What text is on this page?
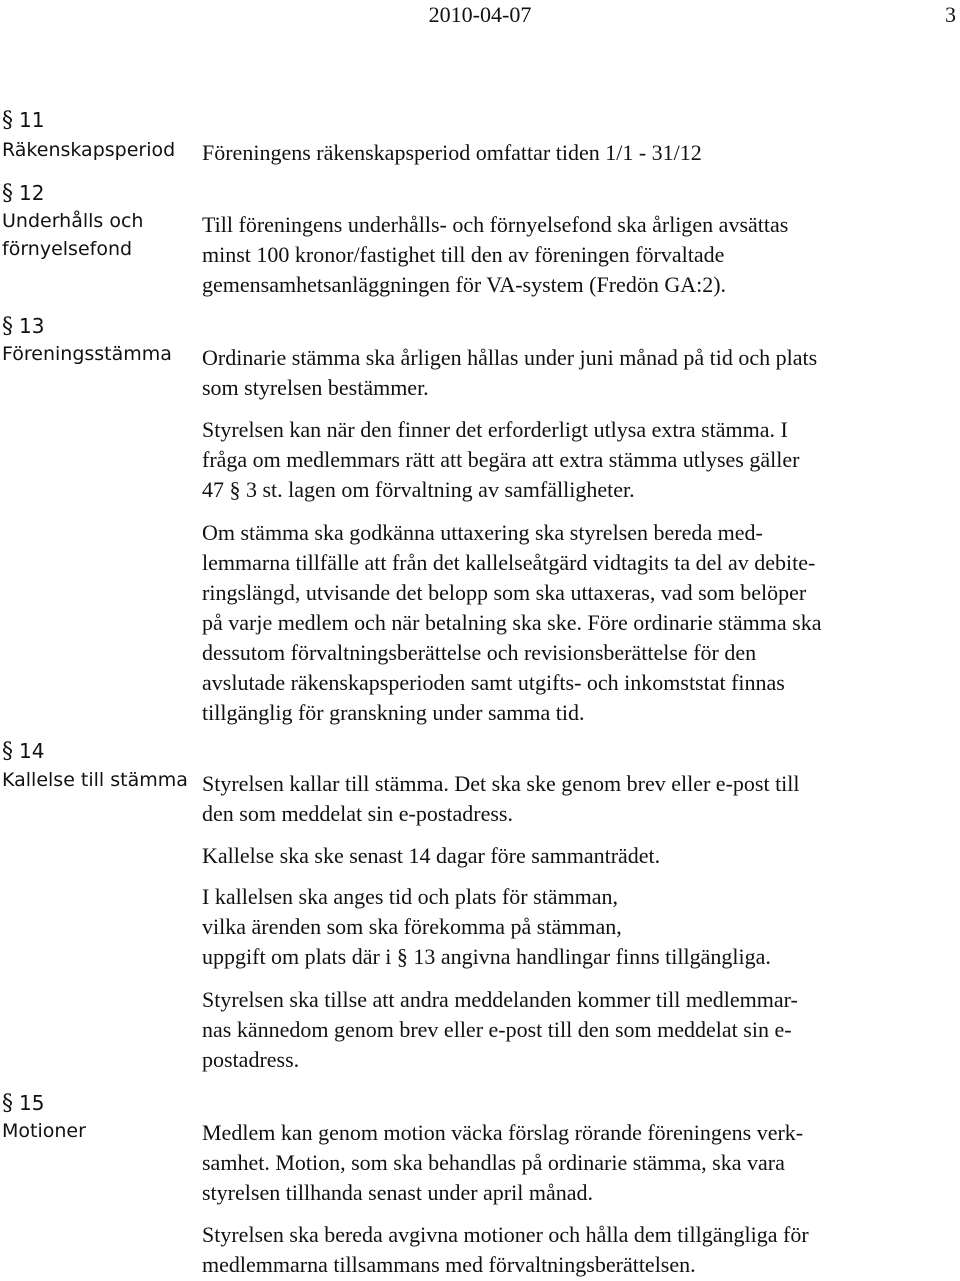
2010-04-07	3
§ 11
Räkenskapsperiod
§ 12
Underhålls och
förnyelsefond
§ 13
Föreningsstämma
§ 14
Kallelse till stämma
§ 15
Motioner
Föreningens räkenskapsperiod omfattar tiden 1/1 - 31/12
Till föreningens underhålls- och förnyelsefond ska årligen avsättas
minst 100 kronor/fastighet till den av föreningen förvaltade
gemensamhetsanläggningen för VA-system (Fredön GA:2).
Ordinarie stämma ska årligen hållas under juni månad på tid och plats
som styrelsen bestämmer.
Styrelsen kan när den finner det erforderligt utlysa extra stämma. I
fråga om medlemmars rätt att begära att extra stämma utlyses gäller
47 § 3 st. lagen om förvaltning av samfälligheter.
Om stämma ska godkänna uttaxering ska styrelsen bereda med-
lemmarna tillfälle att från det kallelseåtgärd vidtagits ta del av debite-
ringslängd, utvisande det belopp som ska uttaxeras, vad som belöper
på varje medlem och när betalning ska ske. Före ordinarie stämma ska
dessutom förvaltningsberättelse och revisionsberättelse för den
avslutade räkenskapsperioden samt utgifts- och inkomststat finnas
tillgänglig för granskning under samma tid.
Styrelsen kallar till stämma. Det ska ske genom brev eller e-post till
den som meddelat sin e-postadress.
Kallelse ska ske senast 14 dagar före sammanträdet.
I kallelsen ska anges tid och plats för stämman,
vilka ärenden som ska förekomma på stämman,
uppgift om plats där i § 13 angivna handlingar finns tillgängliga.
Styrelsen ska tillse att andra meddelanden kommer till medlemmar-
nas kännedom genom brev eller e-post till den som meddelat sin e-
postadress.
Medlem kan genom motion väcka förslag rörande föreningens verk-
samhet. Motion, som ska behandlas på ordinarie stämma, ska vara
styrelsen tillhanda senast under april månad.
Styrelsen ska bereda avgivna motioner och hålla dem tillgängliga för
medlemmarna tillsammans med förvaltningsberättelsen.
